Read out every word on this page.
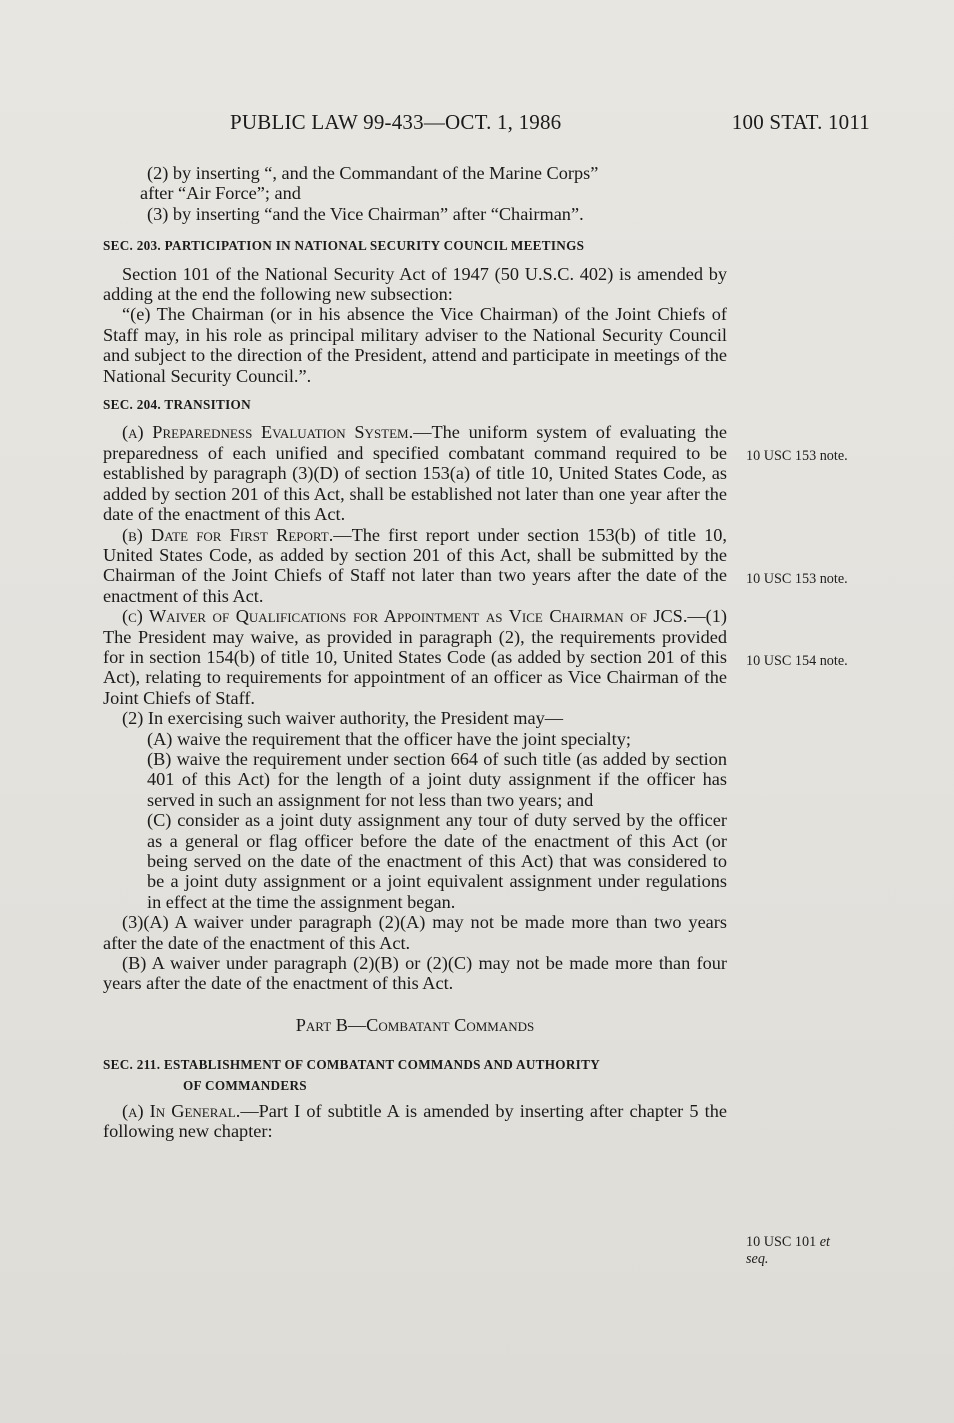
PUBLIC LAW 99-433—OCT. 1, 1986	100 STAT. 1011

(2) by inserting “, and the Commandant of the Marine Corps”

after “Air Force”; and

(3) by inserting “and the Vice Chairman” after “Chairman”.

SEC. 203. PARTICIPATION IN NATIONAL SECURITY COUNCIL MEETINGS

Section 101 of the National Security Act of 1947 (50 U.S.C. 402) is amended by adding at the end the following new subsection:

“(e) The Chairman (or in his absence the Vice Chairman) of the Joint Chiefs of Staff may, in his role as principal military adviser to the National Security Council and subject to the direction of the President, attend and participate in meetings of the National Security Council.”.

SEC. 204. TRANSITION

(a) Preparedness Evaluation System.—The uniform system of evaluating the preparedness of each unified and specified combatant command required to be established by paragraph (3)(D) of section 153(a) of title 10, United States Code, as added by section 201 of this Act, shall be established not later than one year after the date of the enactment of this Act.

(b) Date for First Report.—The first report under section 153(b) of title 10, United States Code, as added by section 201 of this Act, shall be submitted by the Chairman of the Joint Chiefs of Staff not later than two years after the date of the enactment of this Act.

(c) Waiver of Qualifications for Appointment as Vice Chairman of JCS.—(1) The President may waive, as provided in paragraph (2), the requirements provided for in section 154(b) of title 10, United States Code (as added by section 201 of this Act), relating to requirements for appointment of an officer as Vice Chairman of the Joint Chiefs of Staff.

(2) In exercising such waiver authority, the President may—

(A) waive the requirement that the officer have the joint specialty;

(B) waive the requirement under section 664 of such title (as added by section 401 of this Act) for the length of a joint duty assignment if the officer has served in such an assignment for not less than two years; and

(C) consider as a joint duty assignment any tour of duty served by the officer as a general or flag officer before the date of the enactment of this Act (or being served on the date of the enactment of this Act) that was considered to be a joint duty assignment or a joint equivalent assignment under regulations in effect at the time the assignment began.

(3)(A) A waiver under paragraph (2)(A) may not be made more than two years after the date of the enactment of this Act.

(B) A waiver under paragraph (2)(B) or (2)(C) may not be made more than four years after the date of the enactment of this Act.

Part B—Combatant Commands

SEC. 211. ESTABLISHMENT OF COMBATANT COMMANDS AND AUTHORITY
OF COMMANDERS

(a) In General.—Part I of subtitle A is amended by inserting after chapter 5 the following new chapter:

10 USC 153 note.
10 USC 153 note.
10 USC 154 note.
10 USC 101 et
seq.
